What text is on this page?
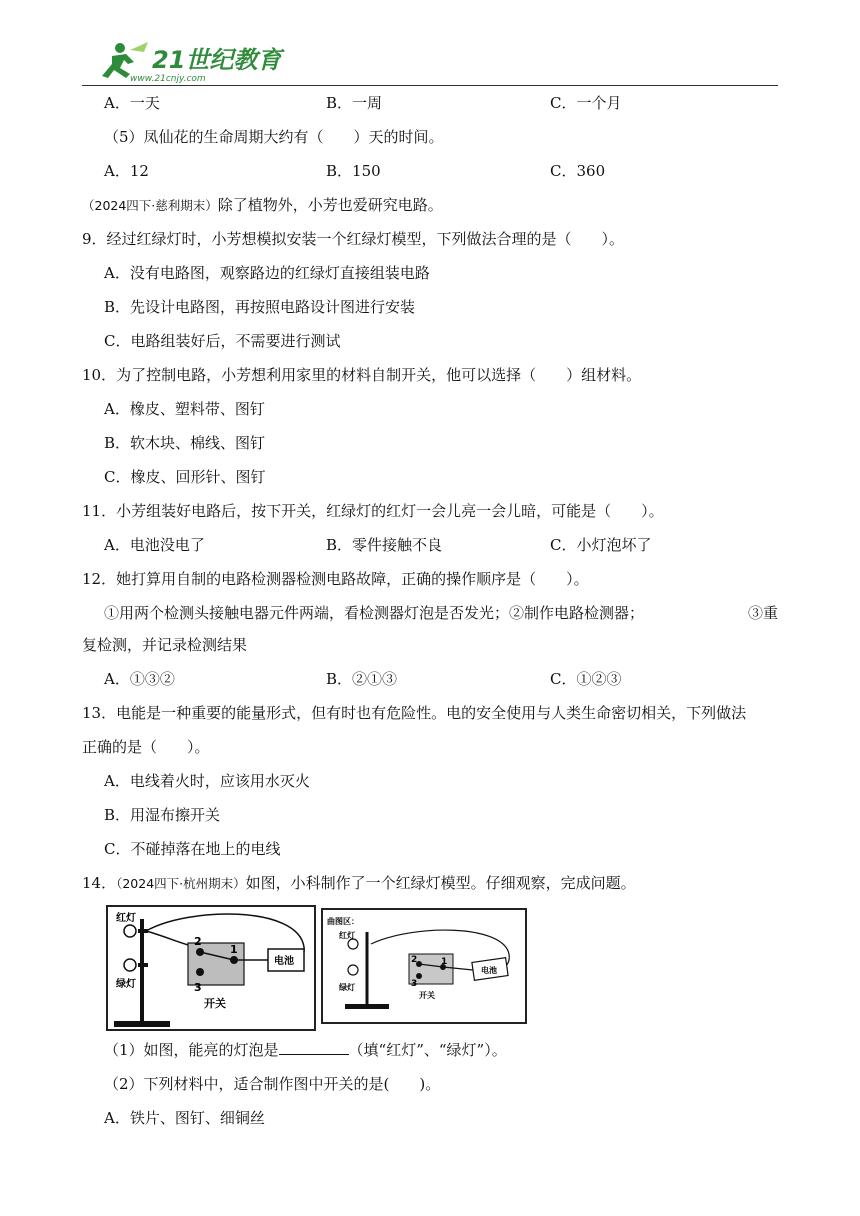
21世纪教育
www.21cnjy.com
A．一天	B．一周	C．一个月
（5）凤仙花的生命周期大约有（　　）天的时间。
A．12	B．150	C．360
（2024四下·慈利期末）除了植物外，小芳也爱研究电路。
9．经过红绿灯时，小芳想模拟安装一个红绿灯模型，下列做法合理的是（　　）。
A．没有电路图，观察路边的红绿灯直接组装电路
B．先设计电路图，再按照电路设计图进行安装
C．电路组装好后，不需要进行测试
10．为了控制电路，小芳想利用家里的材料自制开关，他可以选择（　　）组材料。
A．橡皮、塑料带、图钉
B．软木块、棉线、图钉
C．橡皮、回形针、图钉
11．小芳组装好电路后，按下开关，红绿灯的红灯一会儿亮一会儿暗，可能是（　　）。
A．电池没电了	B．零件接触不良	C．小灯泡坏了
12．她打算用自制的电路检测器检测电路故障，正确的操作顺序是（　　）。
①用两个检测头接触电器元件两端，看检测器灯泡是否发光；②制作电路检测器；	③重
复检测，并记录检测结果
A．①③②	B．②①③	C．①②③
13．电能是一种重要的能量形式，但有时也有危险性。电的安全使用与人类生命密切相关，下列做法
正确的是（　　）。
A．电线着火时，应该用水灭火
B．用湿布擦开关
C．不碰掉落在地上的电线
14．（2024四下·杭州期末）如图，小科制作了一个红绿灯模型。仔细观察，完成问题。
红灯
绿灯
2
1
3
开关
电池
曲图区：
红灯
绿灯
2	1
3
开关
电池
（1）如图，能亮的灯泡是	（填“红灯”、“绿灯”）。
（2）下列材料中，适合制作图中开关的是(　　)。
A．铁片、图钉、细铜丝
